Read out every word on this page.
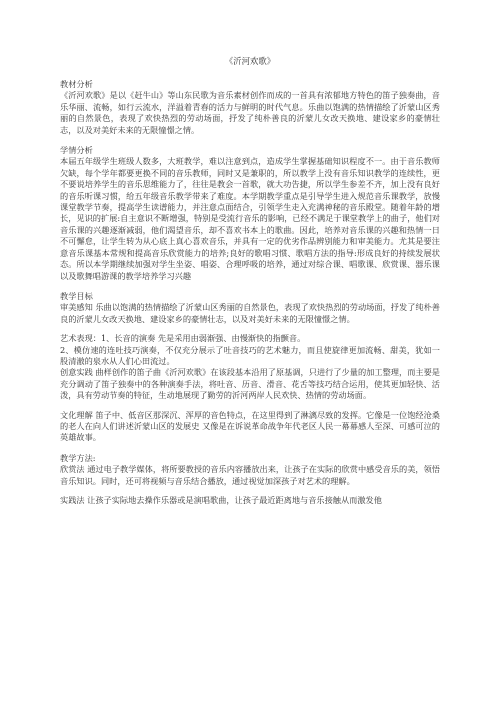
《沂河欢歌》
教材分析
《沂河欢歌》是以《赶牛山》等山东民歌为音乐素材创作而成的一首具有浓郁地方特色的笛子独奏曲，音乐华丽、流畅，如行云流水，洋溢着青春的活力与鲜明的时代气息。乐曲以饱满的热情描绘了沂蒙山区秀丽的自然景色，表现了欢快热烈的劳动场面，抒发了纯朴善良的沂蒙儿女改天换地、建设家乡的豪情壮志，以及对美好未来的无限憧憬之情。
学情分析
本届五年级学生班级人数多，大班教学，难以注意到点，造成学生掌握基础知识程度不一。由于音乐教师欠缺，每个学年都要更换不同的音乐教师，同时又是兼职的，所以教学上没有音乐知识教学的连续性，更不要说培养学生的音乐思维能力了，往往是教会一首歌，就大功告捷，所以学生参差不齐，加上没有良好的音乐听课习惯，给五年级音乐教学带来了难度。本学期教学重点是引导学生进入规范音乐课教学，放慢课堂教学节奏，提高学生读谱能力，并注意点面结合，引领学生走入充满神秘的音乐殿堂。随着年龄的增长，见识的扩展:自主意识不断增强，特别是受流行音乐的影响，已经不满足于课堂教学上的曲子，他们对音乐课的兴趣逐渐减弱，他们渴望音乐，却不喜欢书本上的歌曲。因此，培养对音乐课的兴趣和热情一日不可懈怠，让学生转为从心底上真心喜欢音乐，并具有一定的优劣作品辨别能力和审美能力。尤其是要注意音乐课基本常规和提高音乐欣赏能力的培养;良好的歌唱习惯、歌唱方法的指导:形成良好的持续发展状态。所以本学期继续加强对学生坐姿、唱姿、合理呼吸的培养，通过对综合课、唱歌课、欣赏课、器乐课以及歌舞唱游课的教学培养学习兴趣
教学目标
审美感知 乐曲以饱满的热情描绘了沂蒙山区秀丽的自然景色，表现了欢快热烈的劳动场面，抒发了纯朴善良的沂蒙儿女改天换地、建设家乡的豪情壮志，以及对美好未来的无限憧憬之情。
艺术表现：1、长音的演奏 先是采用由弱渐强、由慢渐快的指颤音。
2、模仿速的连吐技巧演奏，不仅充分展示了吐音技巧的艺术魅力，而且使旋律更加流畅、甜美，犹如一股清澈的泉水从人们心田流过。
创意实践 曲样创作的笛子曲《沂河欢歌》在该段基本沿用了原基调，只进行了少量的加工整理，而主要是充分调动了笛子独奏中的各种演奏手法，将吐音、历音、滑音、花舌等技巧结合运用，使其更加轻快、活泼，具有劳动节奏的特征，生动地展现了勤劳的沂河两岸人民欢快、热情的劳动场面。
文化理解 笛子中、低音区那深沉、浑厚的音色特点，在这里得到了淋漓尽致的发挥。它像是一位饱经沧桑的老人在向人们讲述沂蒙山区的发展史 又像是在诉说革命战争年代老区人民一幕幕感人至深、可感可泣的英雄故事。
教学方法:
欣赏法 通过电子教学媒体，将所要教授的音乐内容播放出来，让孩子在实际的欣赏中感受音乐的美，领悟音乐知识。同时，还可将视频与音乐结合播放，通过视觉加深孩子对艺术的理解。
实践法 让孩子实际地去操作乐器或是演唱歌曲，让孩子最近距离地与音乐接触从而激发他
